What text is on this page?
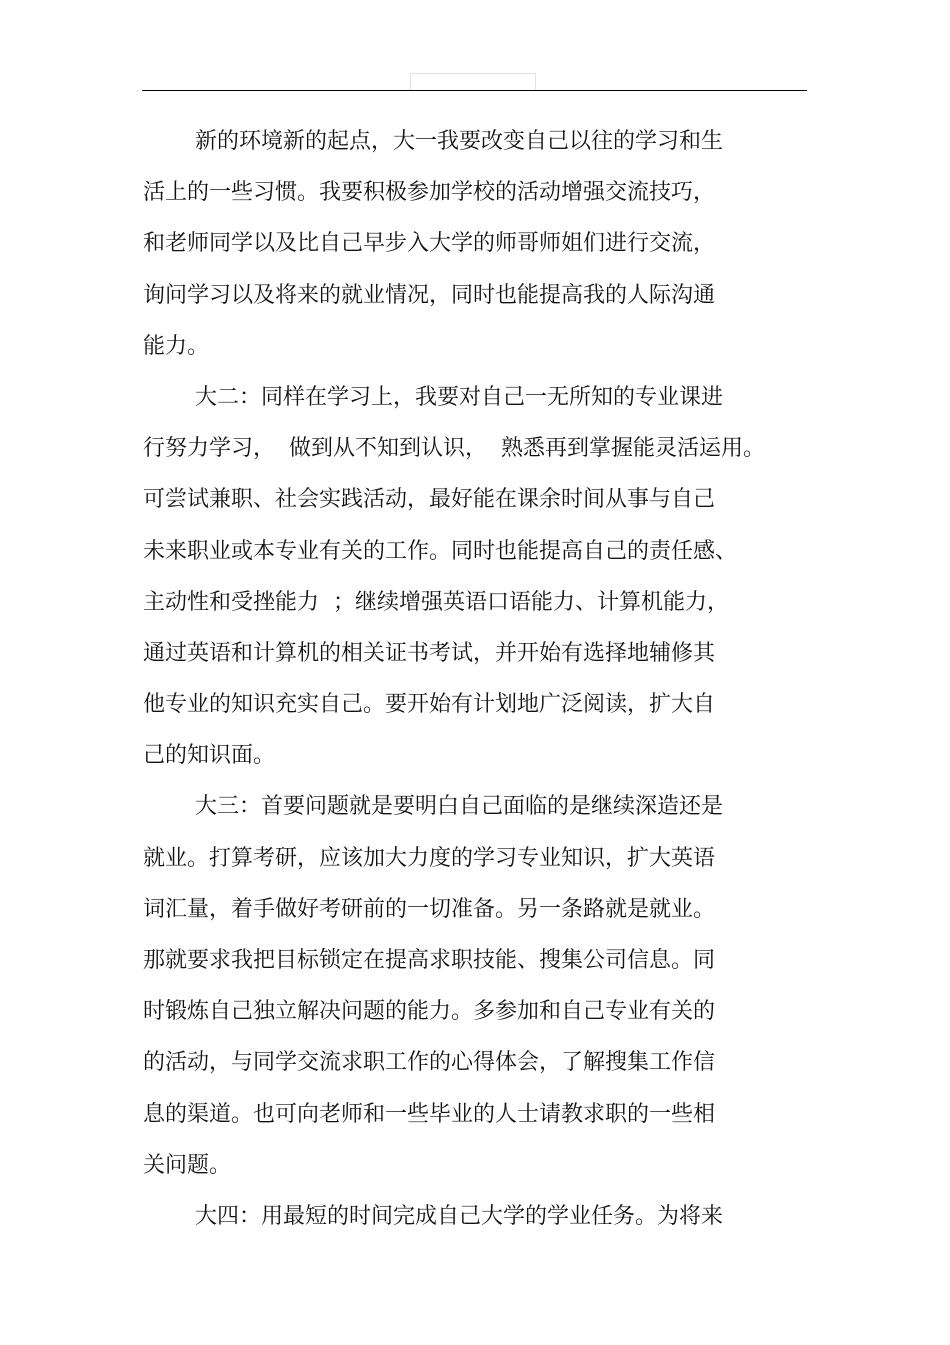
新的环境新的起点，大一我要改变自己以往的学习和生
活上的一些习惯。我要积极参加学校的活动增强交流技巧，
和老师同学以及比自己早步入大学的师哥师姐们进行交流，
询问学习以及将来的就业情况，同时也能提高我的人际沟通
能力。
大二：同样在学习上，我要对自己一无所知的专业课进
行努力学习，  做到从不知到认识，  熟悉再到掌握能灵活运用。
可尝试兼职、社会实践活动，最好能在课余时间从事与自己
未来职业或本专业有关的工作。同时也能提高自己的责任感、
主动性和受挫能力  ；继续增强英语口语能力、计算机能力，
通过英语和计算机的相关证书考试，并开始有选择地辅修其
他专业的知识充实自己。要开始有计划地广泛阅读，扩大自
己的知识面。
大三：首要问题就是要明白自己面临的是继续深造还是
就业。打算考研，应该加大力度的学习专业知识，扩大英语
词汇量，着手做好考研前的一切准备。另一条路就是就业。
那就要求我把目标锁定在提高求职技能、搜集公司信息。同
时锻炼自己独立解决问题的能力。多参加和自己专业有关的
的活动，与同学交流求职工作的心得体会，了解搜集工作信
息的渠道。也可向老师和一些毕业的人士请教求职的一些相
关问题。
大四：用最短的时间完成自己大学的学业任务。为将来
